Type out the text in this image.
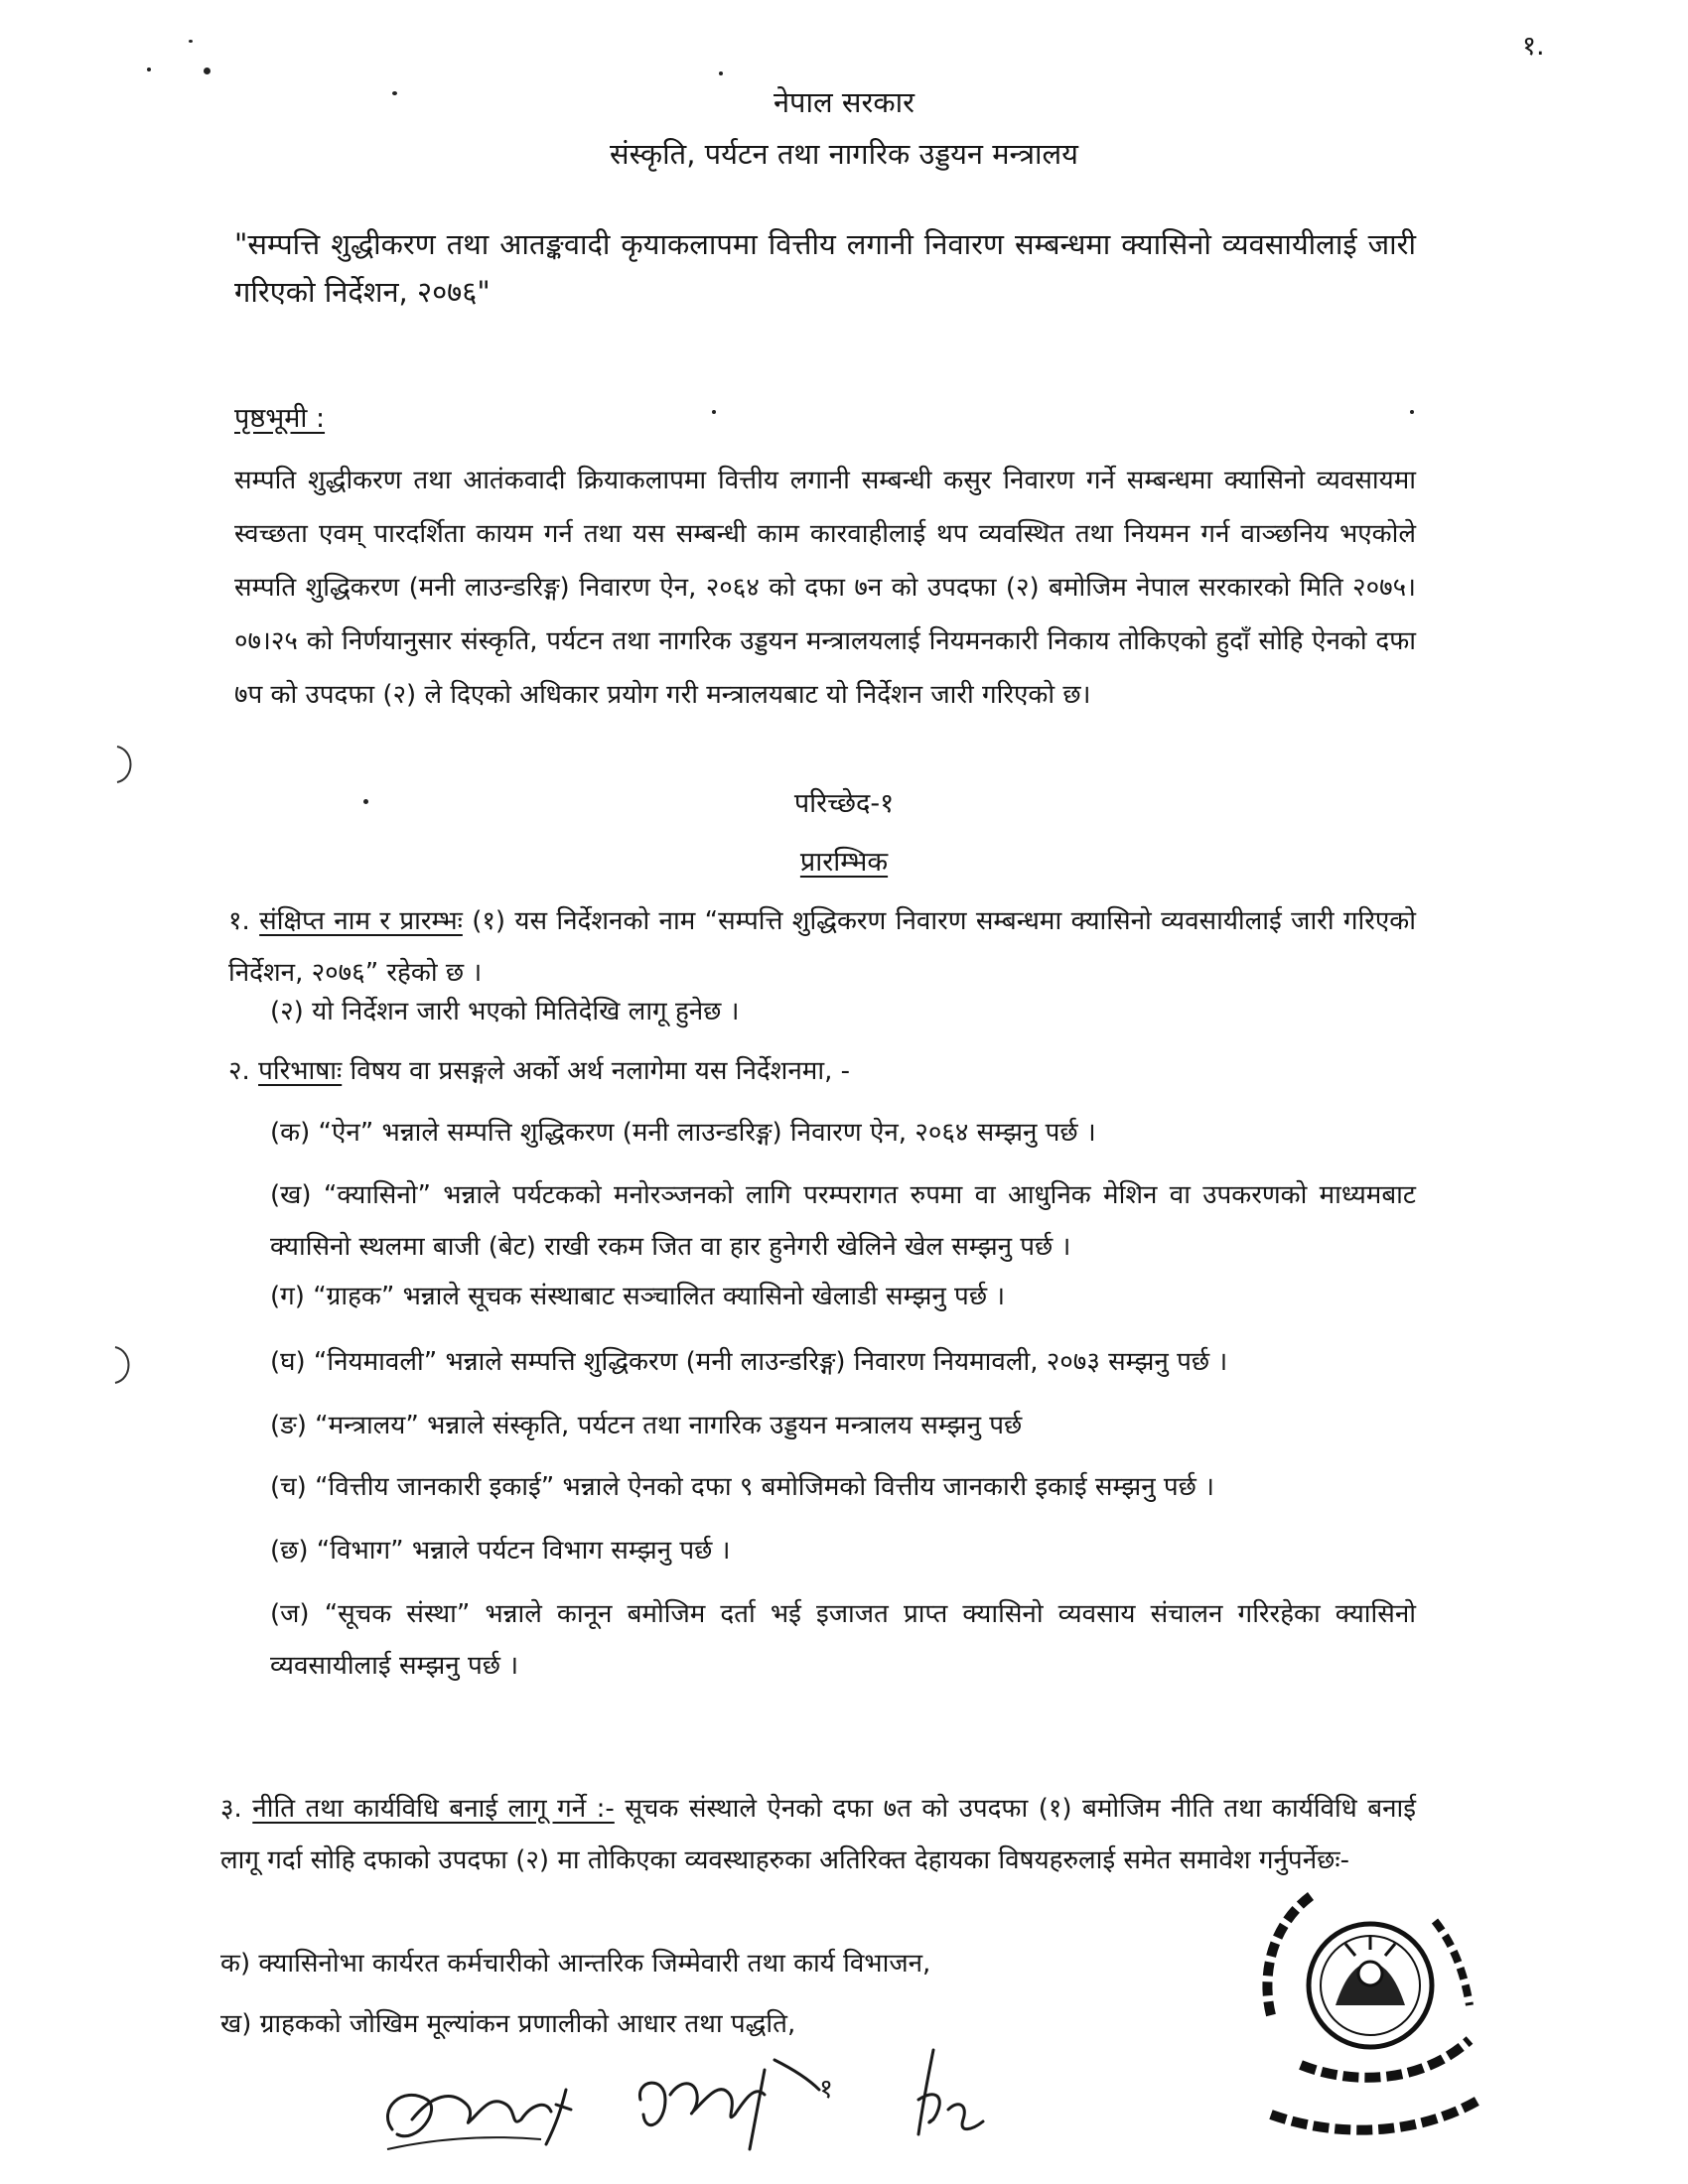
१.
नेपाल सरकार
संस्कृति, पर्यटन तथा नागरिक उड्डयन मन्त्रालय
"सम्पत्ति शुद्धीकरण तथा आतङ्कवादी कृयाकलापमा वित्तीय लगानी निवारण सम्बन्धमा क्यासिनो व्यवसायीलाई जारी गरिएको निर्देशन, २०७६"
पृष्ठभूमी :
सम्पति शुद्धीकरण तथा आतंकवादी क्रियाकलापमा वित्तीय लगानी सम्बन्धी कसुर निवारण गर्ने सम्बन्धमा क्यासिनो व्यवसायमा स्वच्छता एवम् पारदर्शिता कायम गर्न तथा यस सम्बन्धी काम कारवाहीलाई थप व्यवस्थित तथा नियमन गर्न वाञ्छनिय भएकोले सम्पति शुद्धिकरण (मनी लाउन्डरिङ्ग) निवारण ऐन, २०६४ को दफा ७न को उपदफा (२) बमोजिम नेपाल सरकारको मिति २०७५।०७।२५ को निर्णयानुसार संस्कृति, पर्यटन तथा नागरिक उड्डयन मन्त्रालयलाई नियमनकारी निकाय तोकिएको हुदाँ सोहि ऐनको दफा ७प को उपदफा (२) ले दिएको अधिकार प्रयोग गरी मन्त्रालयबाट यो निर्देशन जारी गरिएको छ।
परिच्छेद-१
प्रारम्भिक
१. संक्षिप्त नाम र प्रारम्भः (१) यस निर्देशनको नाम “सम्पत्ति शुद्धिकरण निवारण सम्बन्धमा क्यासिनो व्यवसायीलाई जारी गरिएको निर्देशन, २०७६” रहेको छ ।
(२) यो निर्देशन जारी भएको मितिदेखि लागू हुनेछ ।
२. परिभाषाः विषय वा प्रसङ्गले अर्को अर्थ नलागेमा यस निर्देशनमा, -
(क) “ऐन” भन्नाले सम्पत्ति शुद्धिकरण (मनी लाउन्डरिङ्ग) निवारण ऐन, २०६४ सम्झनु पर्छ ।
(ख) “क्यासिनो” भन्नाले पर्यटकको मनोरञ्जनको लागि परम्परागत रुपमा वा आधुनिक मेशिन वा उपकरणको माध्यमबाट क्यासिनो स्थलमा बाजी (बेट) राखी रकम जित वा हार हुनेगरी खेलिने खेल सम्झनु पर्छ ।
(ग) “ग्राहक” भन्नाले सूचक संस्थाबाट सञ्चालित क्यासिनो खेलाडी सम्झनु पर्छ ।
(घ) “नियमावली” भन्नाले सम्पत्ति शुद्धिकरण (मनी लाउन्डरिङ्ग) निवारण नियमावली, २०७३ सम्झनु पर्छ ।
(ङ) “मन्त्रालय” भन्नाले संस्कृति, पर्यटन तथा नागरिक उड्डयन मन्त्रालय सम्झनु पर्छ
(च) “वित्तीय जानकारी इकाई” भन्नाले ऐनको दफा ९ बमोजिमको वित्तीय जानकारी इकाई सम्झनु पर्छ ।
(छ) “विभाग” भन्नाले पर्यटन विभाग सम्झनु पर्छ ।
(ज) “सूचक संस्था” भन्नाले कानून बमोजिम दर्ता भई इजाजत प्राप्त क्यासिनो व्यवसाय संचालन गरिरहेका क्यासिनो व्यवसायीलाई सम्झनु पर्छ ।
३. नीति तथा कार्यविधि बनाई लागू गर्ने :- सूचक संस्थाले ऐनको दफा ७त को उपदफा (१) बमोजिम नीति तथा कार्यविधि बनाई लागू गर्दा सोहि दफाको उपदफा (२) मा तोकिएका व्यवस्थाहरुका अतिरिक्त देहायका विषयहरुलाई समेत समावेश गर्नुपर्नेछः-
क) क्यासिनोभा कार्यरत कर्मचारीको आन्तरिक जिम्मेवारी तथा कार्य विभाजन,
ख) ग्राहकको जोखिम मूल्यांकन प्रणालीको आधार तथा पद्धति,
१
